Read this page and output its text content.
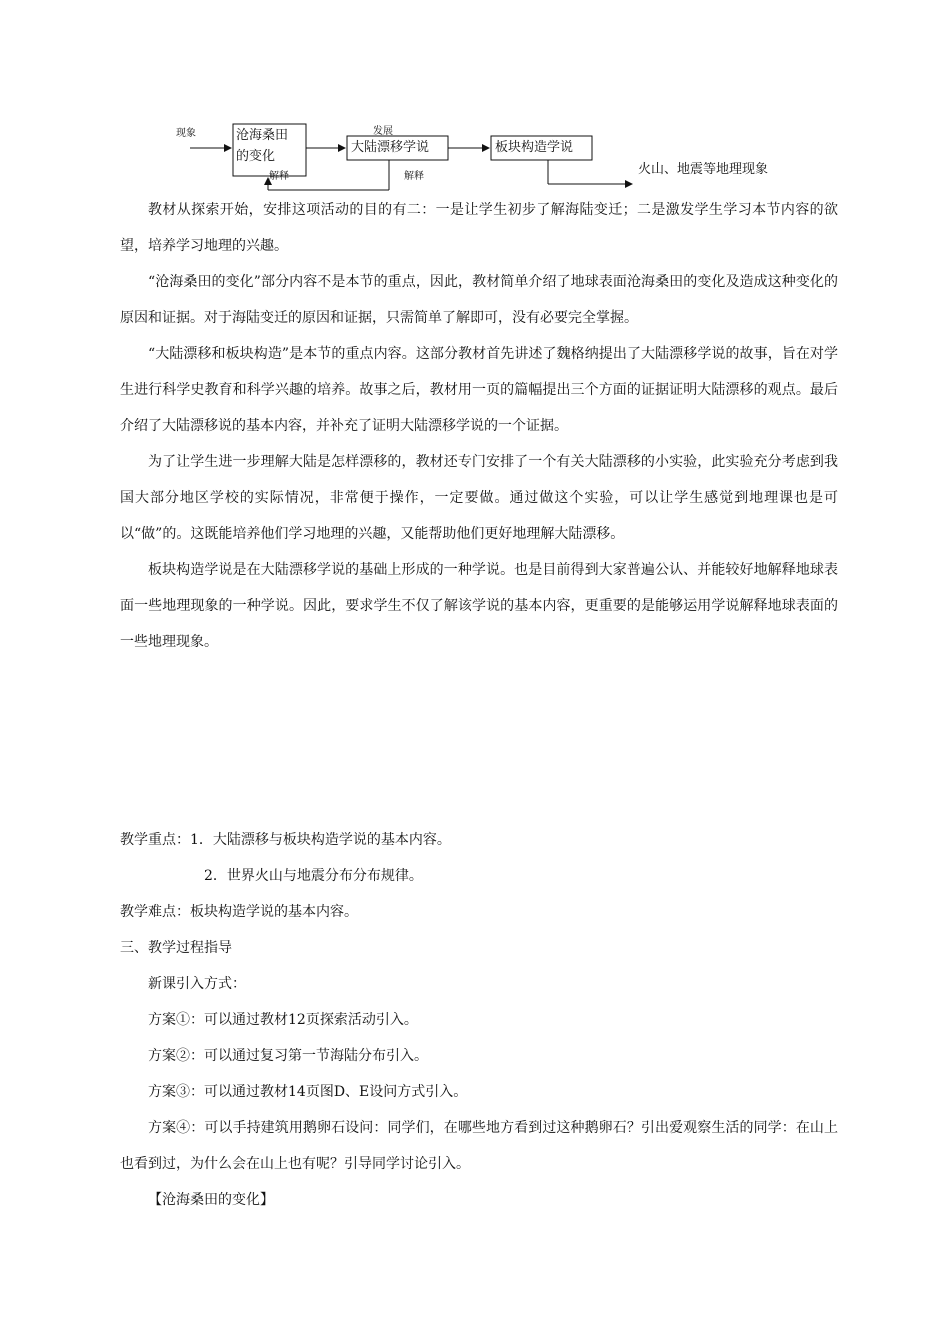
现象	沧海桑田
的变化
发展
大陆漂移学说	板块构造学说
解释	解释	火山、地震等地理现象

教材从探索开始，安排这项活动的目的有二：一是让学生初步了解海陆变迁；二是激发学生学习本节内容的欲望，培养学习地理的兴趣。

“沧海桑田的变化”部分内容不是本节的重点，因此，教材简单介绍了地球表面沧海桑田的变化及造成这种变化的原因和证据。对于海陆变迁的原因和证据，只需简单了解即可，没有必要完全掌握。

“大陆漂移和板块构造”是本节的重点内容。这部分教材首先讲述了魏格纳提出了大陆漂移学说的故事，旨在对学生进行科学史教育和科学兴趣的培养。故事之后，教材用一页的篇幅提出三个方面的证据证明大陆漂移的观点。最后介绍了大陆漂移说的基本内容，并补充了证明大陆漂移学说的一个证据。

为了让学生进一步理解大陆是怎样漂移的，教材还专门安排了一个有关大陆漂移的小实验，此实验充分考虑到我国大部分地区学校的实际情况，非常便于操作，一定要做。通过做这个实验，可以让学生感觉到地理课也是可以“做”的。这既能培养他们学习地理的兴趣，又能帮助他们更好地理解大陆漂移。

板块构造学说是在大陆漂移学说的基础上形成的一种学说。也是目前得到大家普遍公认、并能较好地解释地球表面一些地理现象的一种学说。因此，要求学生不仅了解该学说的基本内容，更重要的是能够运用学说解释地球表面的一些地理现象。

教学重点：1．大陆漂移与板块构造学说的基本内容。

2．世界火山与地震分布分布规律。

教学难点：板块构造学说的基本内容。

三、教学过程指导

新课引入方式：

方案①：可以通过教材12页探索活动引入。

方案②：可以通过复习第一节海陆分布引入。

方案③：可以通过教材14页图D、E设问方式引入。

方案④：可以手持建筑用鹅卵石设问：同学们，在哪些地方看到过这种鹅卵石？引出爱观察生活的同学：在山上也看到过，为什么会在山上也有呢？引导同学讨论引入。

【沧海桑田的变化】
